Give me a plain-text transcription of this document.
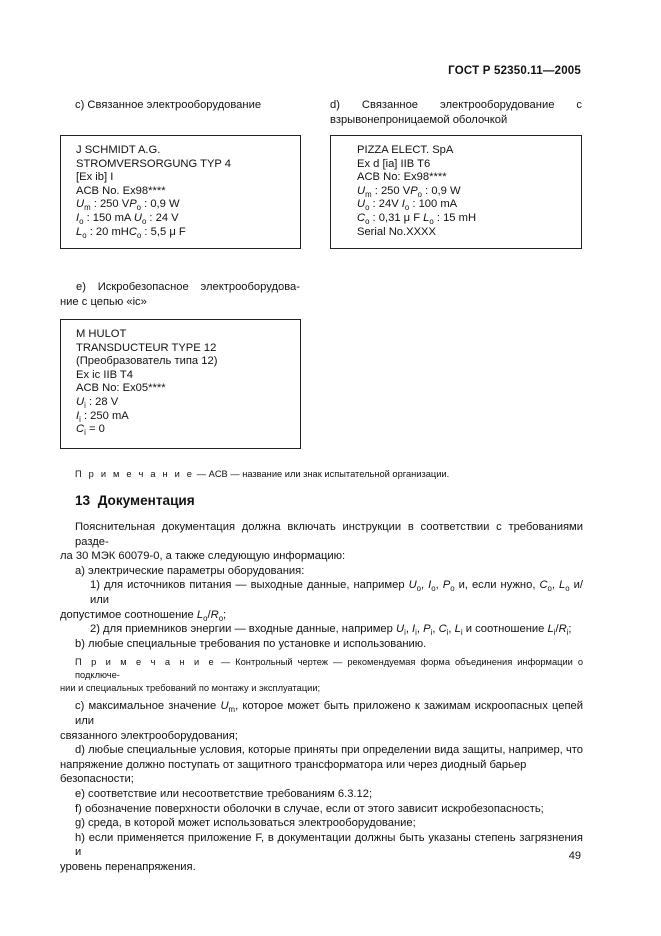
ГОСТ Р 52350.11—2005
c) Связанное электрооборудование	d) Связанное электрооборудование с
взрывонепроницаемой оболочкой
J SCHMIDT A.G.
STROMVERSORGUNG TYP 4
[Ex ib] I
ACB No. Ex98****
$U_m$ : 250 $VP_o$ : 0,9 W
$I_o$ : 150 mA $U_o$ : 24 V
$L_o$ : 20 mHC$_o$ : 5,5 μ F
PIZZA ELECT. SpA
Ex d [ia] IIB T6
ACB No: Ex98****
$U_m$ : 250 $VP_o$ : 0,9 W
$U_o$ : 24V $I_o$ : 100 mA
$C_o$ : 0,31 μ F $L_o$ : 15 mH
Serial No.XXXX
e) Искробезопасное электрооборудова-
ние с цепью «ic»
M HULOT
TRANSDUCTEUR TYPE 12
(Преобразователь типа 12)
Ex ic IIB T4
ACB No: Ex05****
$U_i$ : 28 V
$I_i$ : 250 mA
$C_i = 0$
П р и м е ч а н и е — ACB — название или знак испытательной организации.
13 Документация
Пояснительная документация должна включать инструкции в соответствии с требованиями разде-
ла 30 МЭК 60079-0, а также следующую информацию:
a) электрические параметры оборудования:
1) для источников питания — выходные данные, например $U_o$, $I_o$, $P_o$ и, если нужно, $C_o$, $L_o$ и/или
допустимое соотношение $L_o/R_o$;
2) для приемников энергии — входные данные, например $U_i$, $I_i$, $P_i$, $C_i$, $L_i$ и соотношение $L_i/R_i$;
b) любые специальные требования по установке и использованию.
П р и м е ч а н и е — Контрольный чертеж — рекомендуемая форма объединения информации о подключе-
нии и специальных требований по монтажу и эксплуатации;
c) максимальное значение $U_m$, которое может быть приложено к зажимам искроопасных цепей или
связанного электрооборудования;
d) любые специальные условия, которые приняты при определении вида защиты, например, что
напряжение должно поступать от защитного трансформатора или через диодный барьер безопасности;
e) соответствие или несоответствие требованиям 6.3.12;
f) обозначение поверхности оболочки в случае, если от этого зависит искробезопасность;
g) среда, в которой может использоваться электрооборудование;
h) если применяется приложение F, в документации должны быть указаны степень загрязнения и
уровень перенапряжения.
49
